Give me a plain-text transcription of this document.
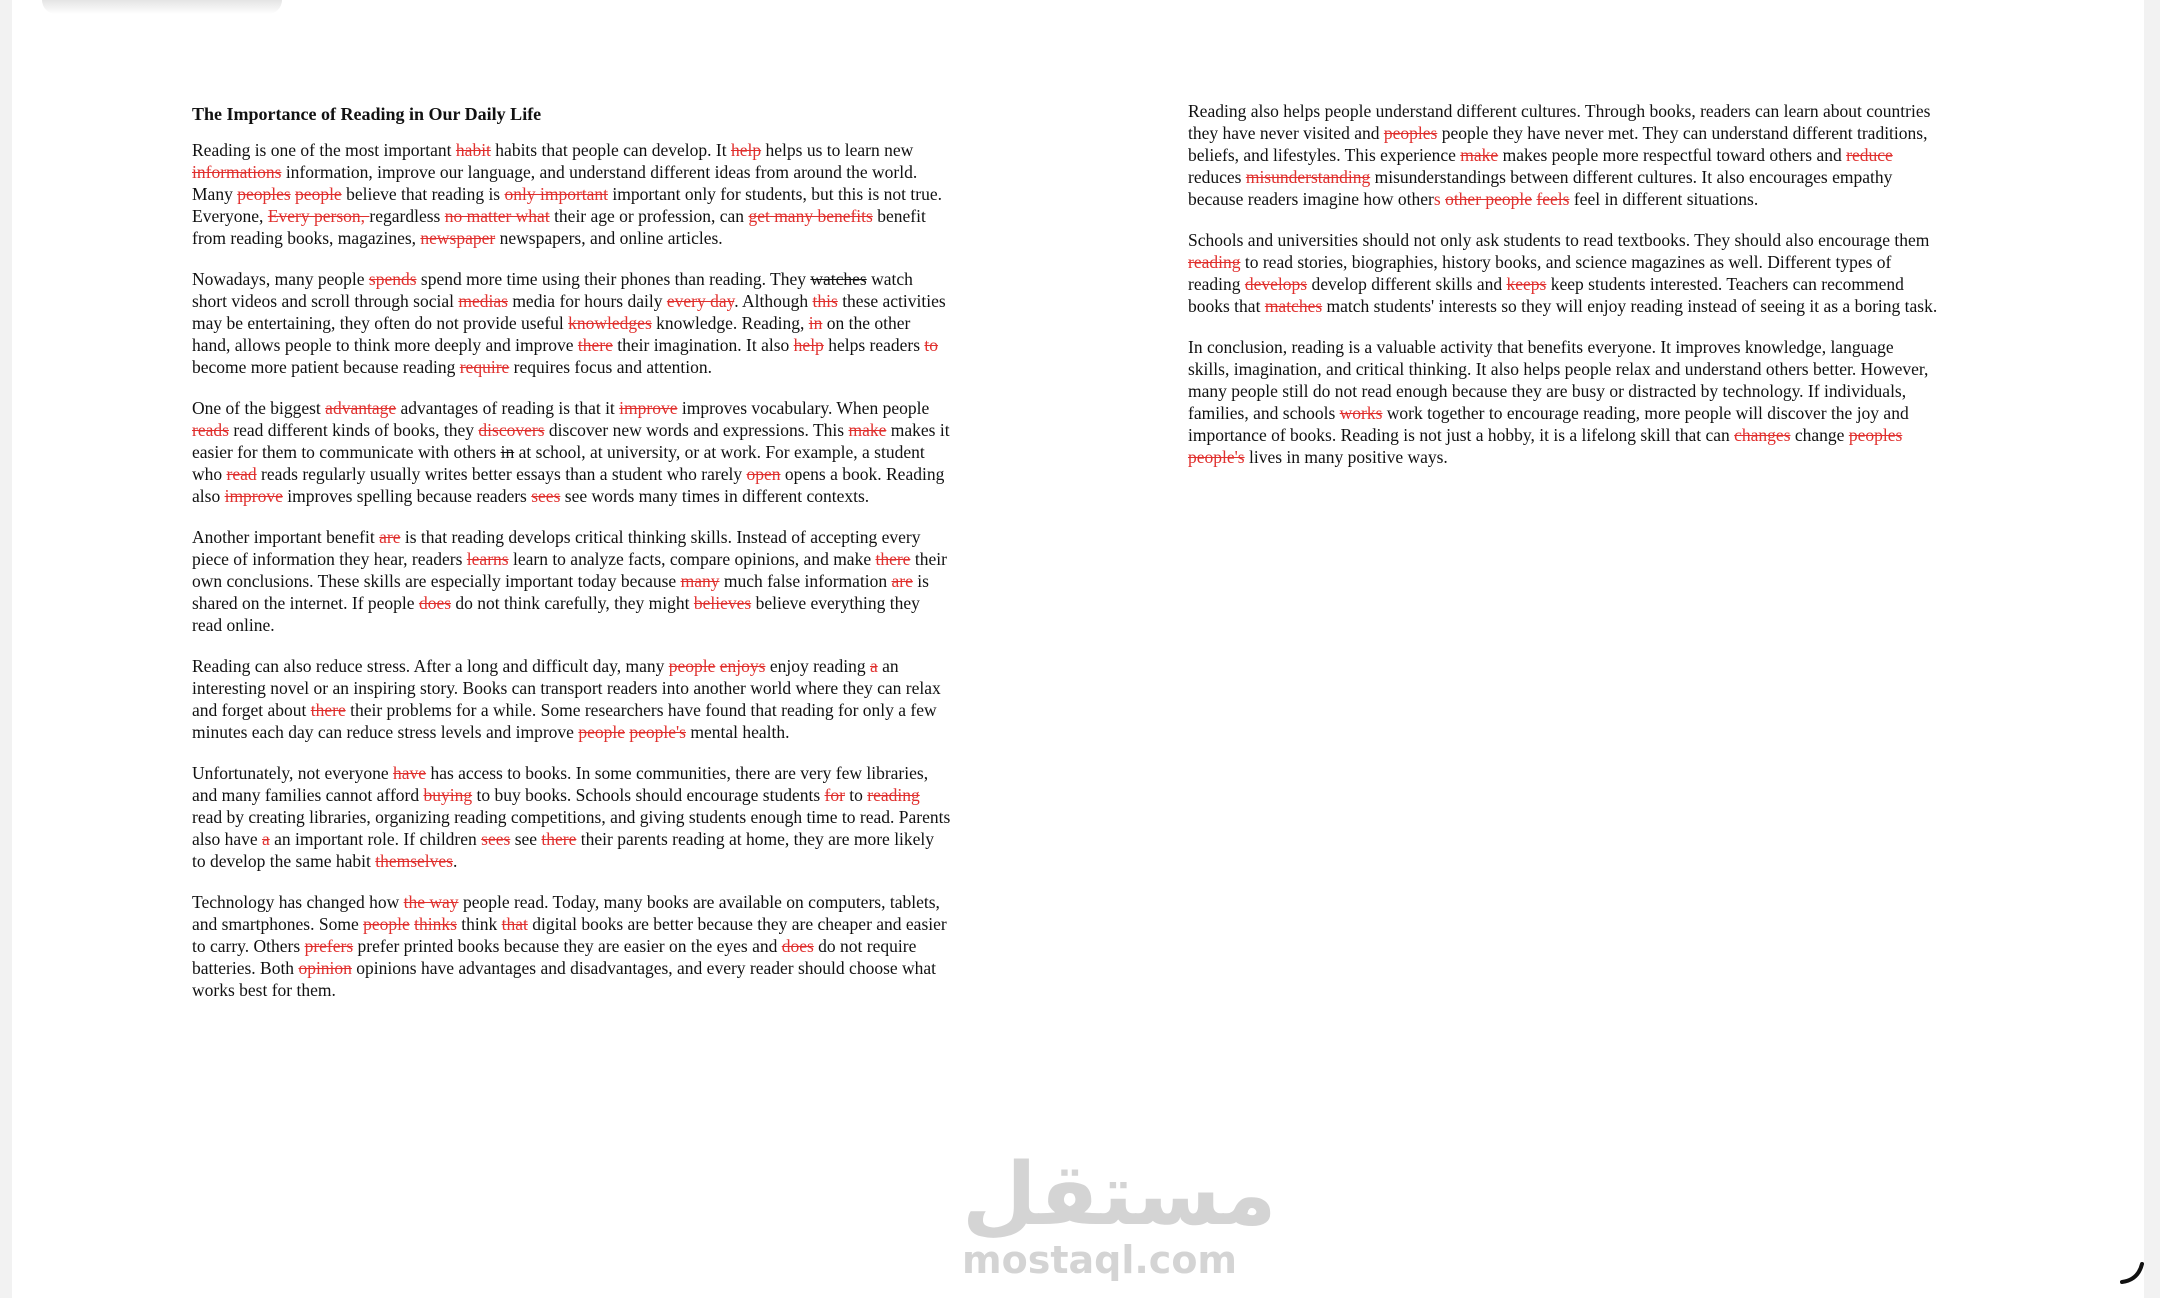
The Importance of Reading in Our Daily Life

Reading is one of the most important habit habits that people can develop. It help helps us to learn new informations information, improve our language, and understand different ideas from around the world. Many peoples people believe that reading is only important important only for students, but this is not true. Everyone, Every person, regardless no matter what their age or profession, can get many benefits benefit from reading books, magazines, newspaper newspapers, and online articles.

Nowadays, many people spends spend more time using their phones than reading. They watches watch short videos and scroll through social medias media for hours daily every day. Although this these activities may be entertaining, they often do not provide useful knowledges knowledge. Reading, in on the other hand, allows people to think more deeply and improve there their imagination. It also help helps readers to become more patient because reading require requires focus and attention.

One of the biggest advantage advantages of reading is that it improve improves vocabulary. When people reads read different kinds of books, they discovers discover new words and expressions. This make makes it easier for them to communicate with others in at school, at university, or at work. For example, a student who read reads regularly usually writes better essays than a student who rarely open opens a book. Reading also improve improves spelling because readers sees see words many times in different contexts.

Another important benefit are is that reading develops critical thinking skills. Instead of accepting every piece of information they hear, readers learns learn to analyze facts, compare opinions, and make there their own conclusions. These skills are especially important today because many much false information are is shared on the internet. If people does do not think carefully, they might believes believe everything they read online.

Reading can also reduce stress. After a long and difficult day, many people enjoys enjoy reading a an interesting novel or an inspiring story. Books can transport readers into another world where they can relax and forget about there their problems for a while. Some researchers have found that reading for only a few minutes each day can reduce stress levels and improve people people's mental health.

Unfortunately, not everyone have has access to books. In some communities, there are very few libraries, and many families cannot afford buying to buy books. Schools should encourage students for to reading read by creating libraries, organizing reading competitions, and giving students enough time to read. Parents also have a an important role. If children sees see there their parents reading at home, they are more likely to develop the same habit themselves.

Technology has changed how the way people read. Today, many books are available on computers, tablets, and smartphones. Some people thinks think that digital books are better because they are cheaper and easier to carry. Others prefers prefer printed books because they are easier on the eyes and does do not require batteries. Both opinion opinions have advantages and disadvantages, and every reader should choose what works best for them.

Reading also helps people understand different cultures. Through books, readers can learn about countries they have never visited and peoples people they have never met. They can understand different traditions, beliefs, and lifestyles. This experience make makes people more respectful toward others and reduce reduces misunderstanding misunderstandings between different cultures. It also encourages empathy because readers imagine how others other people feels feel in different situations.

Schools and universities should not only ask students to read textbooks. They should also encourage them reading to read stories, biographies, history books, and science magazines as well. Different types of reading develops develop different skills and keeps keep students interested. Teachers can recommend books that matches match students' interests so they will enjoy reading instead of seeing it as a boring task.

In conclusion, reading is a valuable activity that benefits everyone. It improves knowledge, language skills, imagination, and critical thinking. It also helps people relax and understand others better. However, many people still do not read enough because they are busy or distracted by technology. If individuals, families, and schools works work together to encourage reading, more people will discover the joy and importance of books. Reading is not just a hobby, it is a lifelong skill that can changes change peoples people's lives in many positive ways.

مستقل
mostaql.com
